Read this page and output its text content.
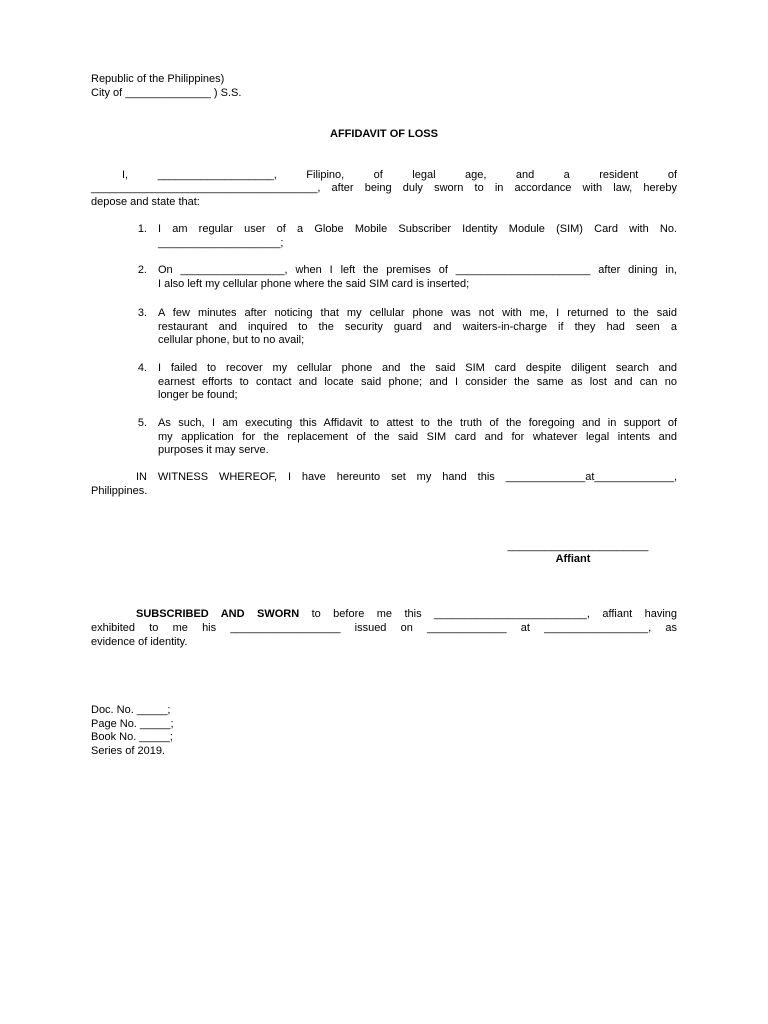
Republic of the Philippines)
City of ______________ ) S.S.
AFFIDAVIT OF LOSS
I, ___________________, Filipino, of legal age, and a resident of
_____________________________________, after being duly sworn to in accordance with law, hereby
depose and state that:
1. I am regular user of a Globe Mobile Subscriber Identity Module (SIM) Card with No.
____________________;
2. On _________________, when I left the premises of ______________________ after dining in,
I also left my cellular phone where the said SIM card is inserted;
3. A few minutes after noticing that my cellular phone was not with me, I returned to the said
restaurant and inquired to the security guard and waiters-in-charge if they had seen a
cellular phone, but to no avail;
4. I failed to recover my cellular phone and the said SIM card despite diligent search and
earnest efforts to contact and locate said phone; and I consider the same as lost and can no
longer be found;
5. As such, I am executing this Affidavit to attest to the truth of the foregoing and in support of
my application for the replacement of the said SIM card and for whatever legal intents and
purposes it may serve.
IN WITNESS WHEREOF, I have hereunto set my hand this _____________at_____________,
Philippines.
_______________________
Affiant
SUBSCRIBED AND SWORN to before me this _________________________, affiant having
exhibited to me his __________________ issued on _____________ at _________________, as
evidence of identity.
Doc. No. _____;
Page No. _____;
Book No. _____;
Series of 2019.
